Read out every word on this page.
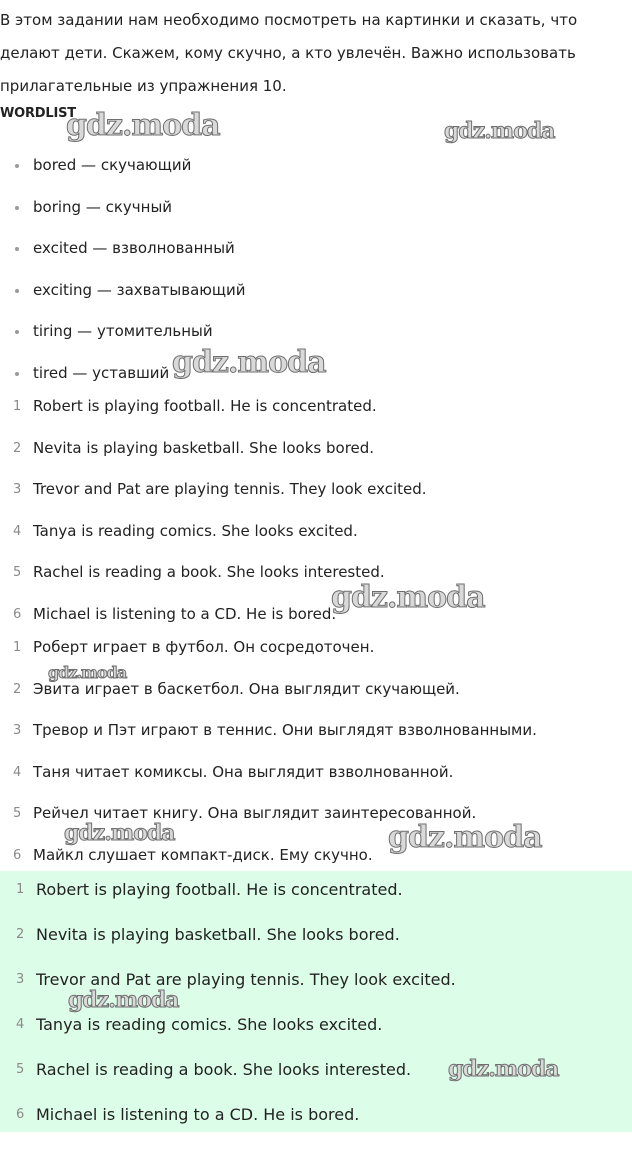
В этом задании нам необходимо посмотреть на картинки и сказать, что делают дети. Скажем, кому скучно, а кто увлечён. Важно использовать прилагательные из упражнения 10.

WORDLIST
bored — скучающий
boring — скучный
excited — взволнованный
exciting — захватывающий
tiring — утомительный
tired — уставший
1 Robert is playing football. He is concentrated.
2 Nevita is playing basketball. She looks bored.
3 Trevor and Pat are playing tennis. They look excited.
4 Tanya is reading comics. She looks excited.
5 Rachel is reading a book. She looks interested.
6 Michael is listening to a CD. He is bored.
1 Роберт играет в футбол. Он сосредоточен.
2 Эвита играет в баскетбол. Она выглядит скучающей.
3 Тревор и Пэт играют в теннис. Они выглядят взволнованными.
4 Таня читает комиксы. Она выглядит взволнованной.
5 Рейчел читает книгу. Она выглядит заинтересованной.
6 Майкл слушает компакт-диск. Ему скучно.
1 Robert is playing football. He is concentrated.
2 Nevita is playing basketball. She looks bored.
3 Trevor and Pat are playing tennis. They look excited.
4 Tanya is reading comics. She looks excited.
5 Rachel is reading a book. She looks interested.
6 Michael is listening to a CD. He is bored.
gdz.moda	gdz.moda
gdz.moda
gdz.moda
gdz.moda
gdz.moda	gdz.moda
gdz.moda
gdz.moda
